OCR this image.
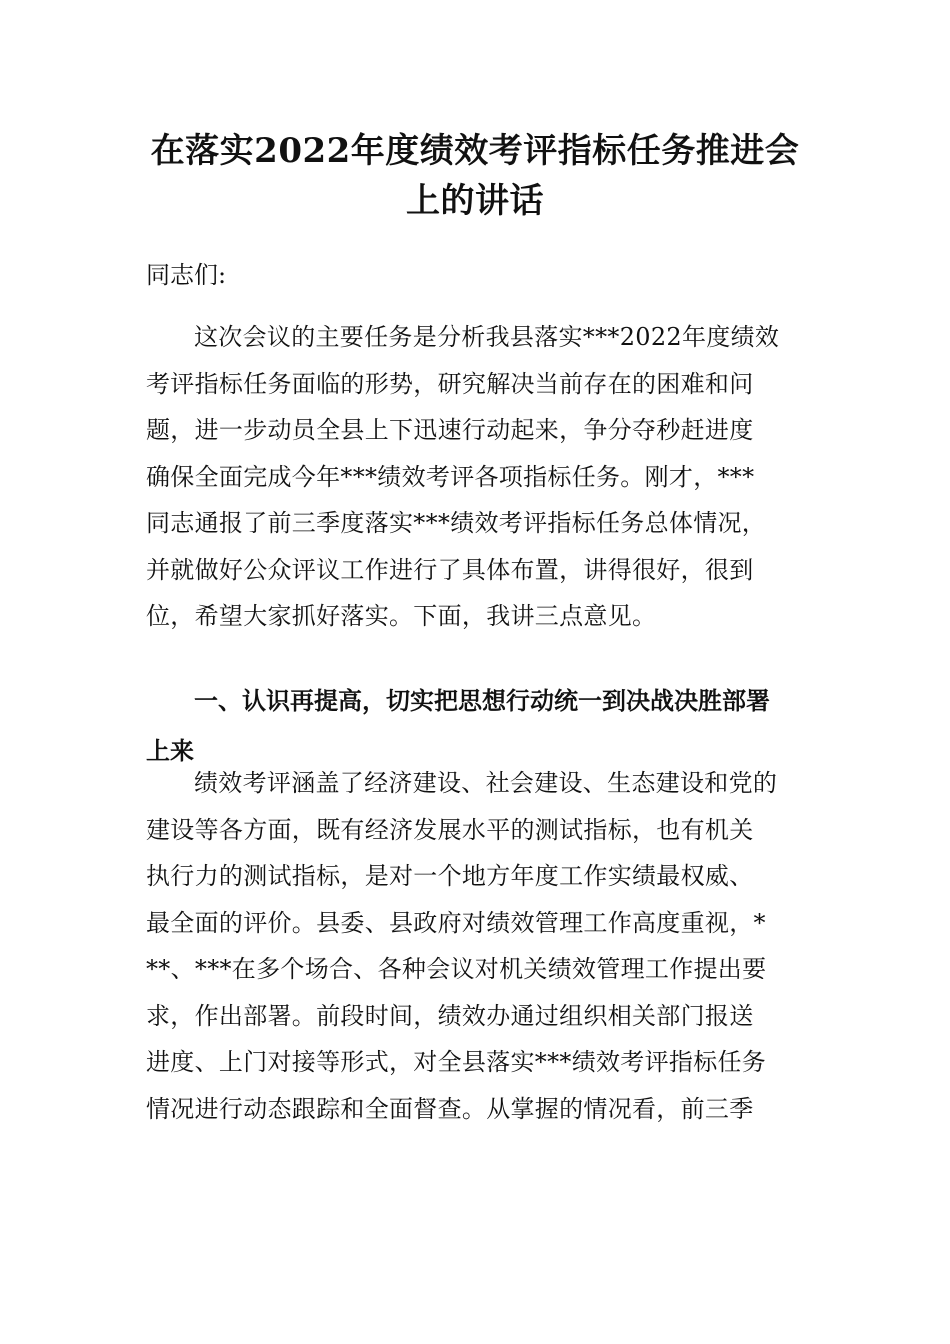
在落实2022年度绩效考评指标任务推进会
上的讲话
同志们:
这次会议的主要任务是分析我县落实***2022年度绩效
考评指标任务面临的形势，研究解决当前存在的困难和问
题，进一步动员全县上下迅速行动起来，争分夺秒赶进度
确保全面完成今年***绩效考评各项指标任务。刚才，***
同志通报了前三季度落实***绩效考评指标任务总体情况，
并就做好公众评议工作进行了具体布置，讲得很好，很到
位，希望大家抓好落实。下面，我讲三点意见。
一、认识再提高，切实把思想行动统一到决战决胜部署
上来
绩效考评涵盖了经济建设、社会建设、生态建设和党的
建设等各方面，既有经济发展水平的测试指标，也有机关
执行力的测试指标，是对一个地方年度工作实绩最权威、
最全面的评价。县委、县政府对绩效管理工作高度重视，*
**、***在多个场合、各种会议对机关绩效管理工作提出要
求，作出部署。前段时间，绩效办通过组织相关部门报送
进度、上门对接等形式，对全县落实***绩效考评指标任务
情况进行动态跟踪和全面督查。从掌握的情况看，前三季
